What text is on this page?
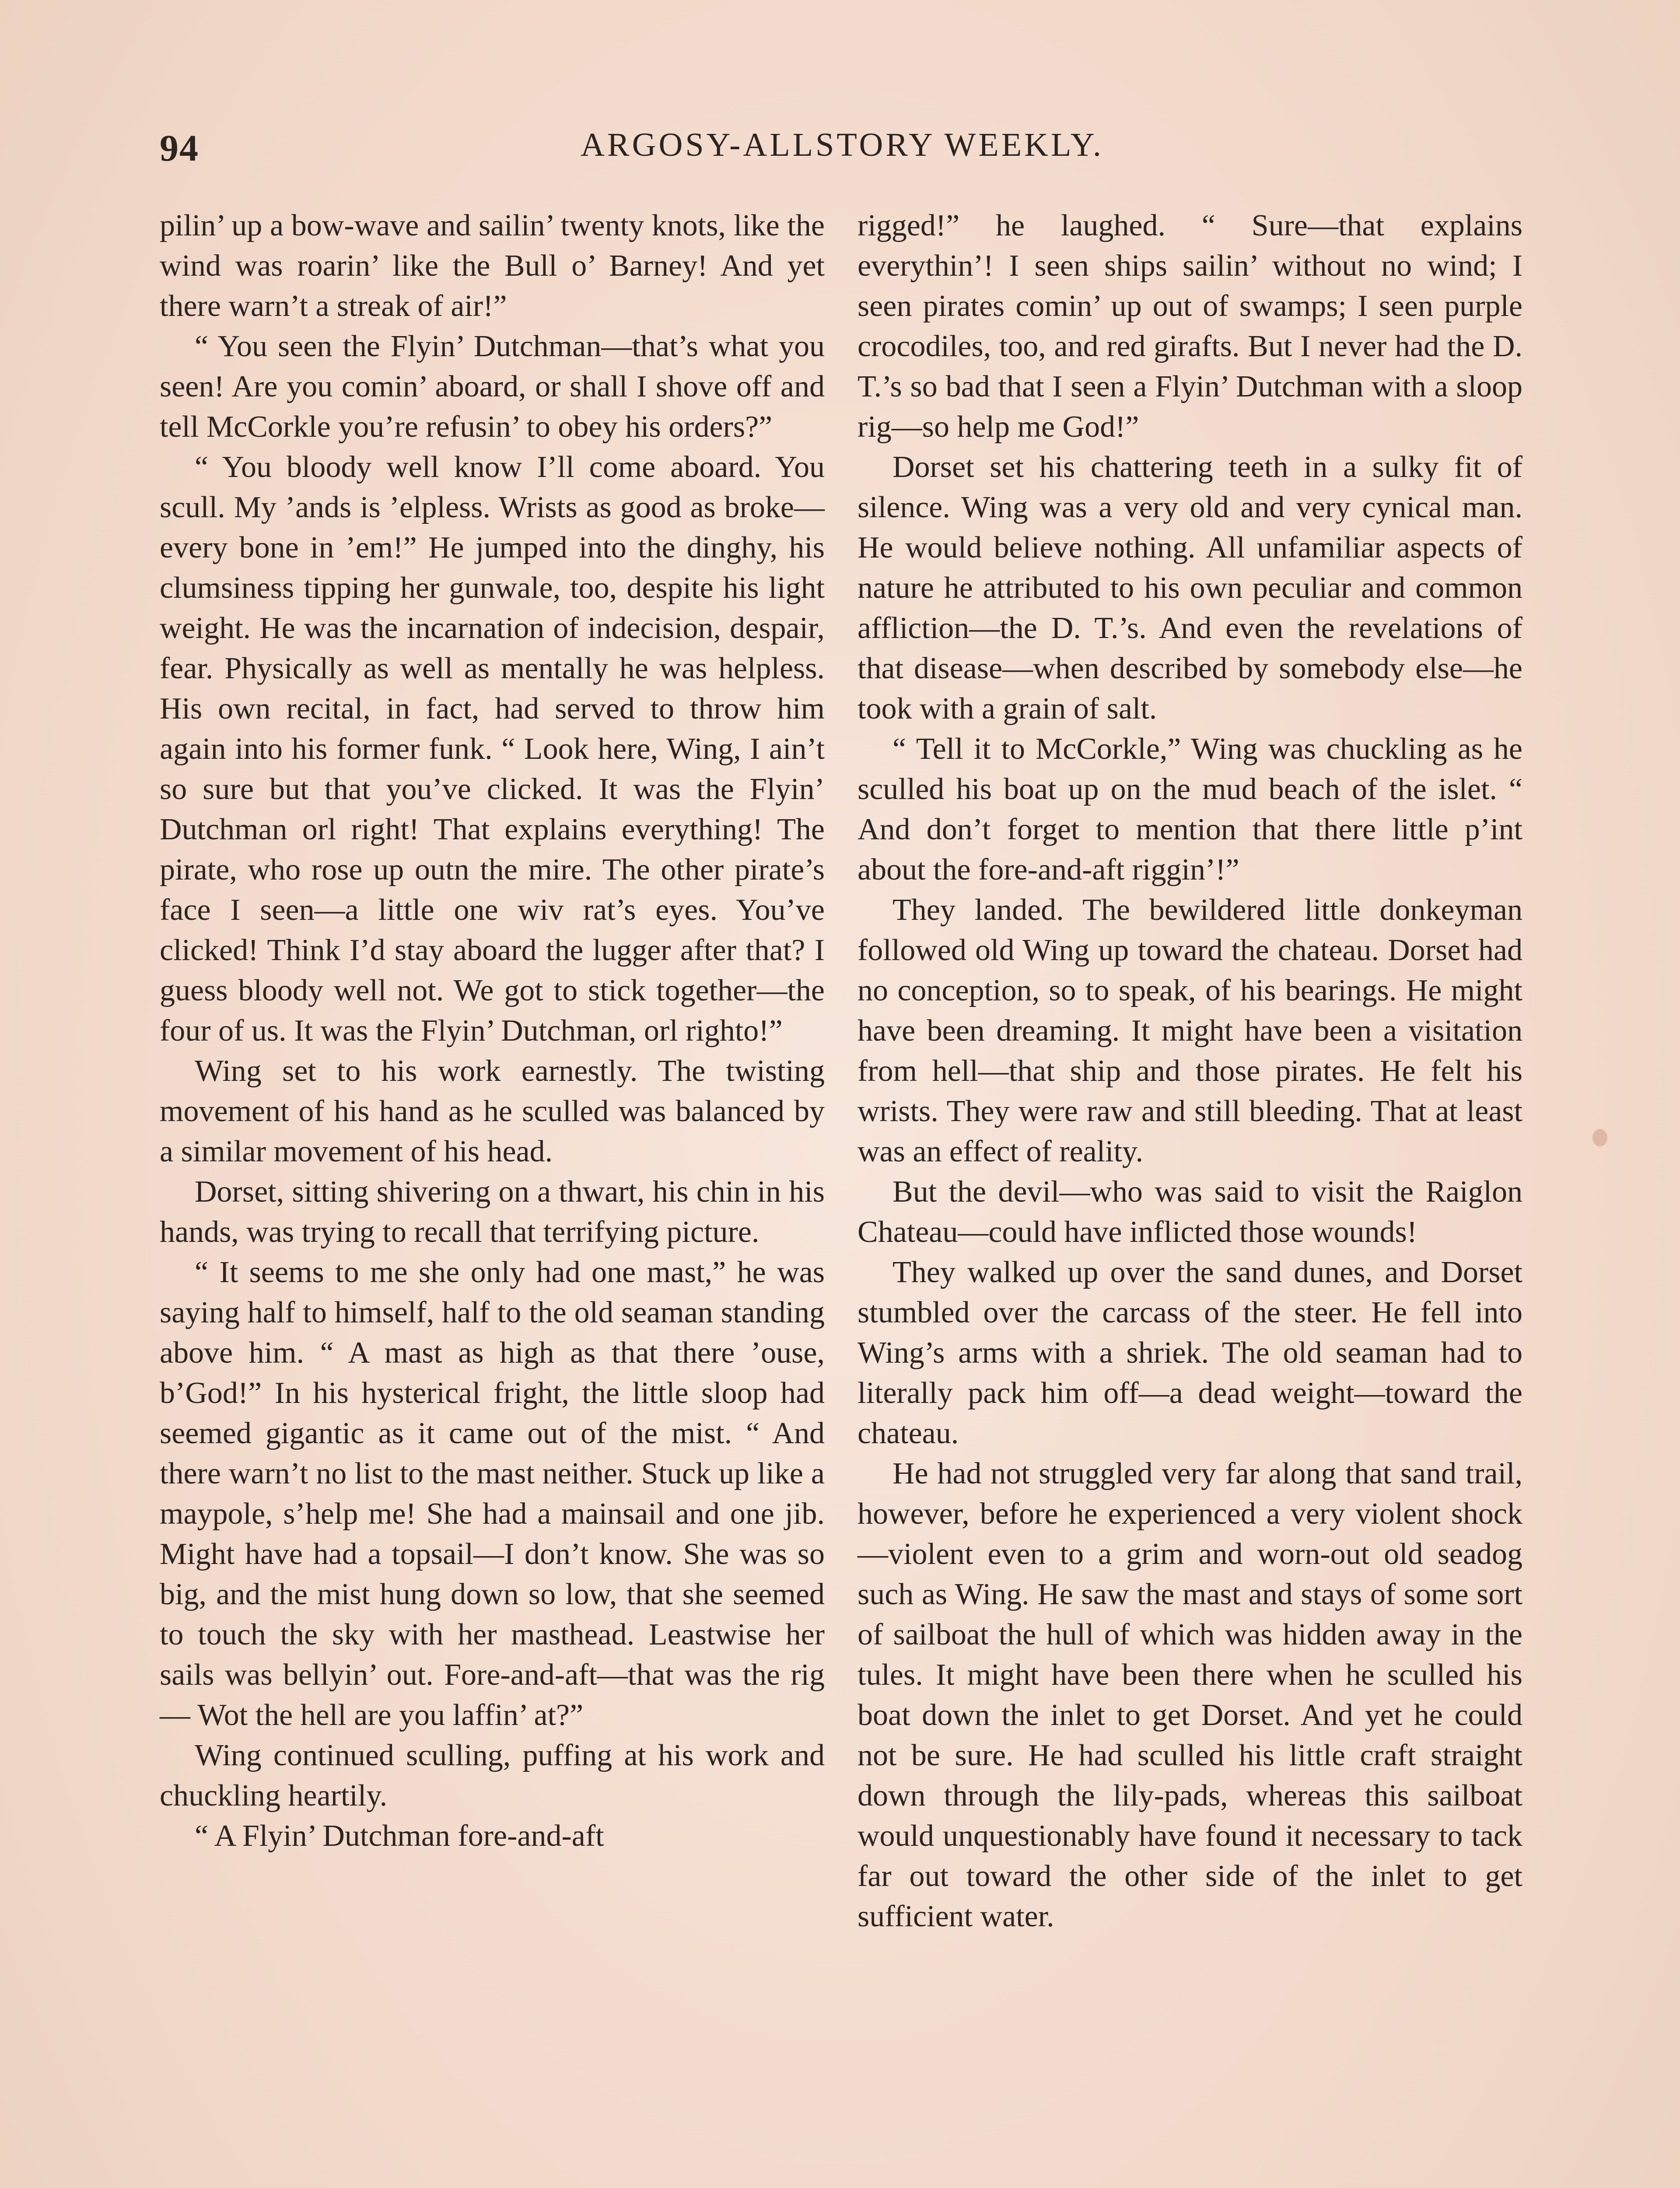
94	ARGOSY-ALLSTORY WEEKLY.

pilin’ up a bow-wave and sailin’ twenty knots, like the wind was roarin’ like the Bull o’ Barney! And yet there warn’t a streak of air!”

“ You seen the Flyin’ Dutchman—that’s what you seen! Are you comin’ aboard, or shall I shove off and tell McCorkle you’re refusin’ to obey his orders?”

“ You bloody well know I’ll come aboard. You scull. My ’ands is ’elpless. Wrists as good as broke—every bone in ’em!” He jumped into the dinghy, his clumsiness tipping her gunwale, too, despite his light weight. He was the incarnation of indecision, despair, fear. Physically as well as mentally he was helpless. His own recital, in fact, had served to throw him again into his former funk. “ Look here, Wing, I ain’t so sure but that you’ve clicked. It was the Flyin’ Dutchman orl right! That explains everything! The pirate, who rose up outn the mire. The other pirate’s face I seen—a little one wiv rat’s eyes. You’ve clicked! Think I’d stay aboard the lugger after that? I guess bloody well not. We got to stick together—the four of us. It was the Flyin’ Dutchman, orl righto!”

Wing set to his work earnestly. The twisting movement of his hand as he sculled was balanced by a similar movement of his head.

Dorset, sitting shivering on a thwart, his chin in his hands, was trying to recall that terrifying picture.

“ It seems to me she only had one mast,” he was saying half to himself, half to the old seaman standing above him. “ A mast as high as that there ’ouse, b’God!” In his hysterical fright, the little sloop had seemed gigantic as it came out of the mist. “ And there warn’t no list to the mast neither. Stuck up like a maypole, s’help me! She had a mainsail and one jib. Might have had a topsail—I don’t know. She was so big, and the mist hung down so low, that she seemed to touch the sky with her masthead. Leastwise her sails was bellyin’ out. Fore-and-aft—that was the rig— Wot the hell are you laffin’ at?”

Wing continued sculling, puffing at his work and chuckling heartily.

“ A Flyin’ Dutchman fore-and-aft

rigged!” he laughed. “ Sure—that explains everythin’! I seen ships sailin’ without no wind; I seen pirates comin’ up out of swamps; I seen purple crocodiles, too, and red girafts. But I never had the D. T.’s so bad that I seen a Flyin’ Dutchman with a sloop rig—so help me God!”

Dorset set his chattering teeth in a sulky fit of silence. Wing was a very old and very cynical man. He would believe nothing. All unfamiliar aspects of nature he attributed to his own peculiar and common affliction—the D. T.’s. And even the revelations of that disease—when described by somebody else—he took with a grain of salt.

“ Tell it to McCorkle,” Wing was chuckling as he sculled his boat up on the mud beach of the islet. “ And don’t forget to mention that there little p’int about the fore-and-aft riggin’!”

They landed. The bewildered little donkeyman followed old Wing up toward the chateau. Dorset had no conception, so to speak, of his bearings. He might have been dreaming. It might have been a visitation from hell—that ship and those pirates. He felt his wrists. They were raw and still bleeding. That at least was an effect of reality.

But the devil—who was said to visit the Raiglon Chateau—could have inflicted those wounds!

They walked up over the sand dunes, and Dorset stumbled over the carcass of the steer. He fell into Wing’s arms with a shriek. The old seaman had to literally pack him off—a dead weight—toward the chateau.

He had not struggled very far along that sand trail, however, before he experienced a very violent shock—violent even to a grim and worn-out old seadog such as Wing. He saw the mast and stays of some sort of sailboat the hull of which was hidden away in the tules. It might have been there when he sculled his boat down the inlet to get Dorset. And yet he could not be sure. He had sculled his little craft straight down through the lily-pads, whereas this sailboat would unquestionably have found it necessary to tack far out toward the other side of the inlet to get sufficient water.
